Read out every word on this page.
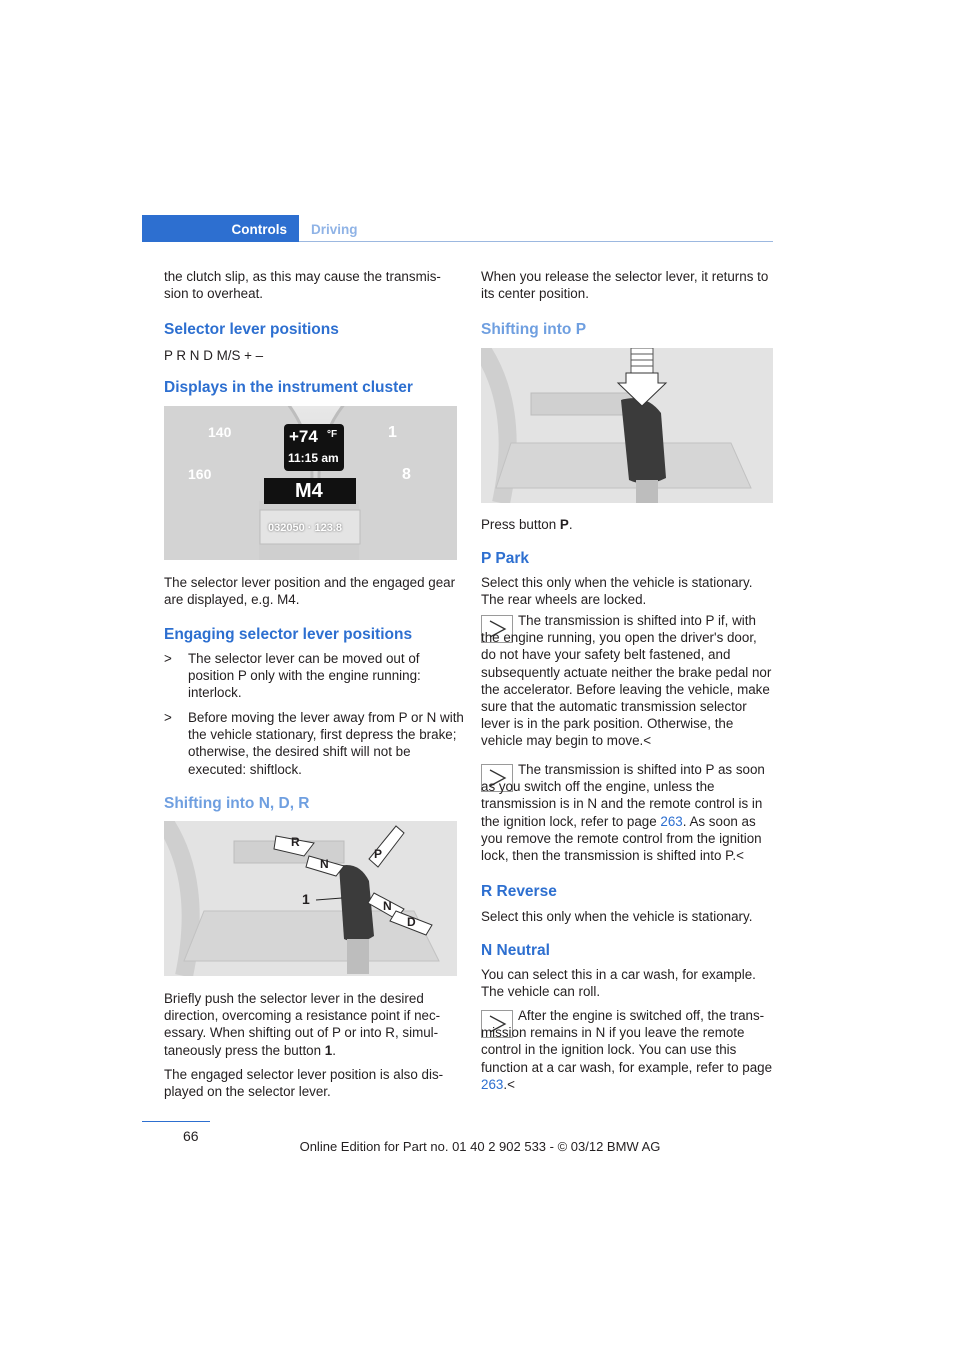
Controls Driving

the clutch slip, as this may cause the transmis-
sion to overheat.

Selector lever positions

P R N D M/S + –

Displays in the instrument cluster
+74 °F
11:15 am
M4
032050 · 123.8
140
160
1
8

The selector lever position and the engaged gear are displayed, e.g. M4.

Engaging selector lever positions
> The selector lever can be moved out of position P only with the engine running: interlock.
> Before moving the lever away from P or N with the vehicle stationary, first depress the brake; otherwise, the desired shift will not be executed: shiftlock.
Shifting into N, D, R
1
R
N
P
N
D

Briefly push the selector lever in the desired direction, overcoming a resistance point if nec-essary. When shifting out of P or into R, simul-taneously press the button 1.

The engaged selector lever position is also dis-played on the selector lever.

When you release the selector lever, it returns to its center position.

Shifting into P

Press button P.

P Park

Select this only when the vehicle is stationary. The rear wheels are locked.

The transmission is shifted into P if, with the engine running, you open the driver's door, do not have your safety belt fastened, and subsequently actuate neither the brake pedal nor the accelerator. Before leaving the vehicle, make sure that the automatic transmission selector lever is in the park position. Otherwise, the vehicle may begin to move.<

The transmission is shifted into P as soon as you switch off the engine, unless the transmission is in N and the remote control is in the ignition lock, refer to page 263. As soon as you remove the remote control from the ignition lock, then the transmission is shifted into P.<

R Reverse

Select this only when the vehicle is stationary.

N Neutral

You can select this in a car wash, for example. The vehicle can roll.

After the engine is switched off, the trans-mission remains in N if you leave the remote control in the ignition lock. You can use this function at a car wash, for example, refer to page 263.<

66
Online Edition for Part no. 01 40 2 902 533 - © 03/12 BMW AG
